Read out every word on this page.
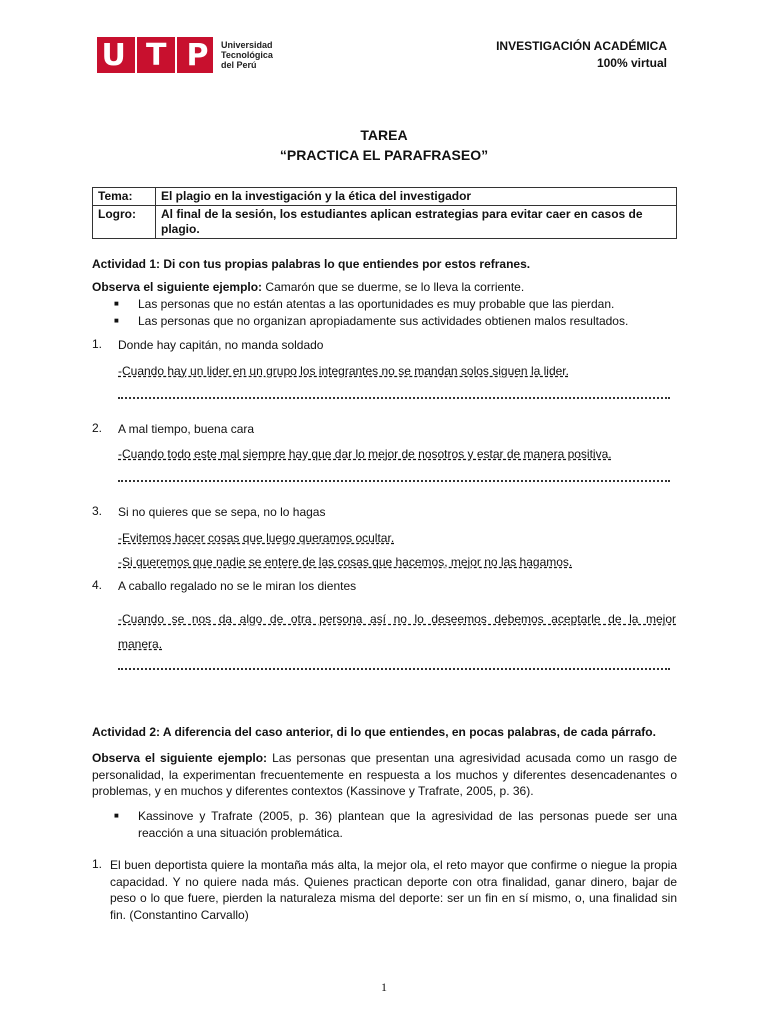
U T P Universidad
Tecnológica
del Perú
INVESTIGACIÓN ACADÉMICA
100% virtual
TAREA
“PRACTICA EL PARAFRASEO”
Tema:	El plagio en la investigación y la ética del investigador
Logro:	Al final de la sesión, los estudiantes aplican estrategias para evitar caer en casos de plagio.
Actividad 1: Di con tus propias palabras lo que entiendes por estos refranes.
Observa el siguiente ejemplo: Camarón que se duerme, se lo lleva la corriente.
■ Las personas que no están atentas a las oportunidades es muy probable que las pierdan.
■ Las personas que no organizan apropiadamente sus actividades obtienen malos resultados.
1. Donde hay capitán, no manda soldado
-Cuando hay un lider en un grupo los integrantes no se mandan solos siguen la lider.
2. A mal tiempo, buena cara
-Cuando todo este mal siempre hay que dar lo mejor de nosotros y estar de manera positiva.
3. Si no quieres que se sepa, no lo hagas
-Evitemos hacer cosas que luego queramos ocultar.
-Si queremos que nadie se entere de las cosas que hacemos, mejor no las hagamos.
4. A caballo regalado no se le miran los dientes
-Cuando se nos da algo de otra persona así no lo deseemos debemos aceptarle de la mejor
manera.
Actividad 2: A diferencia del caso anterior, di lo que entiendes, en pocas palabras, de cada párrafo.
Observa el siguiente ejemplo: Las personas que presentan una agresividad acusada como un rasgo de personalidad, la experimentan frecuentemente en respuesta a los muchos y diferentes desencadenantes o problemas, y en muchos y diferentes contextos (Kassinove y Trafrate, 2005, p. 36).
■ Kassinove y Trafrate (2005, p. 36) plantean que la agresividad de las personas puede ser una reacción a una situación problemática.
1. El buen deportista quiere la montaña más alta, la mejor ola, el reto mayor que confirme o niegue la propia capacidad. Y no quiere nada más. Quienes practican deporte con otra finalidad, ganar dinero, bajar de peso o lo que fuere, pierden la naturaleza misma del deporte: ser un fin en sí mismo, o, una finalidad sin fin. (Constantino Carvallo)
1
